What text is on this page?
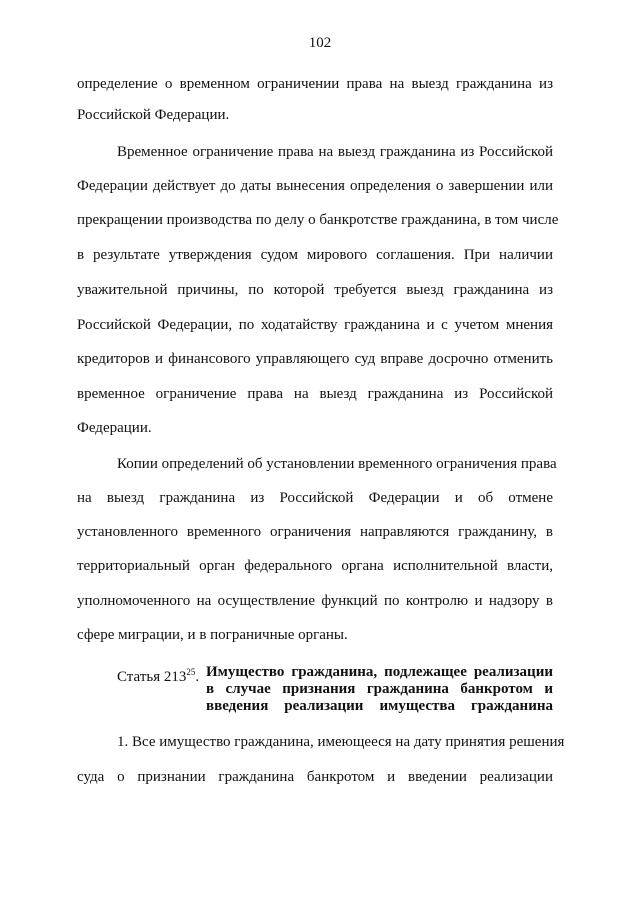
102
определение о временном ограничении права на выезд гражданина из
Российской Федерации.
Временное ограничение права на выезд гражданина из Российской
Федерации действует до даты вынесения определения о завершении или
прекращении производства по делу о банкротстве гражданина, в том числе
в результате утверждения судом мирового соглашения. При наличии
уважительной причины, по которой требуется выезд гражданина из
Российской Федерации, по ходатайству гражданина и с учетом мнения
кредиторов и финансового управляющего суд вправе досрочно отменить
временное ограничение права на выезд гражданина из Российской
Федерации.
Копии определений об установлении временного ограничения права
на выезд гражданина из Российской Федерации и об отмене
установленного временного ограничения направляются гражданину, в
территориальный орган федерального органа исполнительной власти,
уполномоченного на осуществление функций по контролю и надзору в
сфере миграции, и в пограничные органы.
Статья $213^{25}$. Имущество гражданина, подлежащее реализации
в случае признания гражданина банкротом и
введения реализации имущества гражданина
1. Все имущество гражданина, имеющееся на дату принятия решения
суда о признании гражданина банкротом и введении реализации
